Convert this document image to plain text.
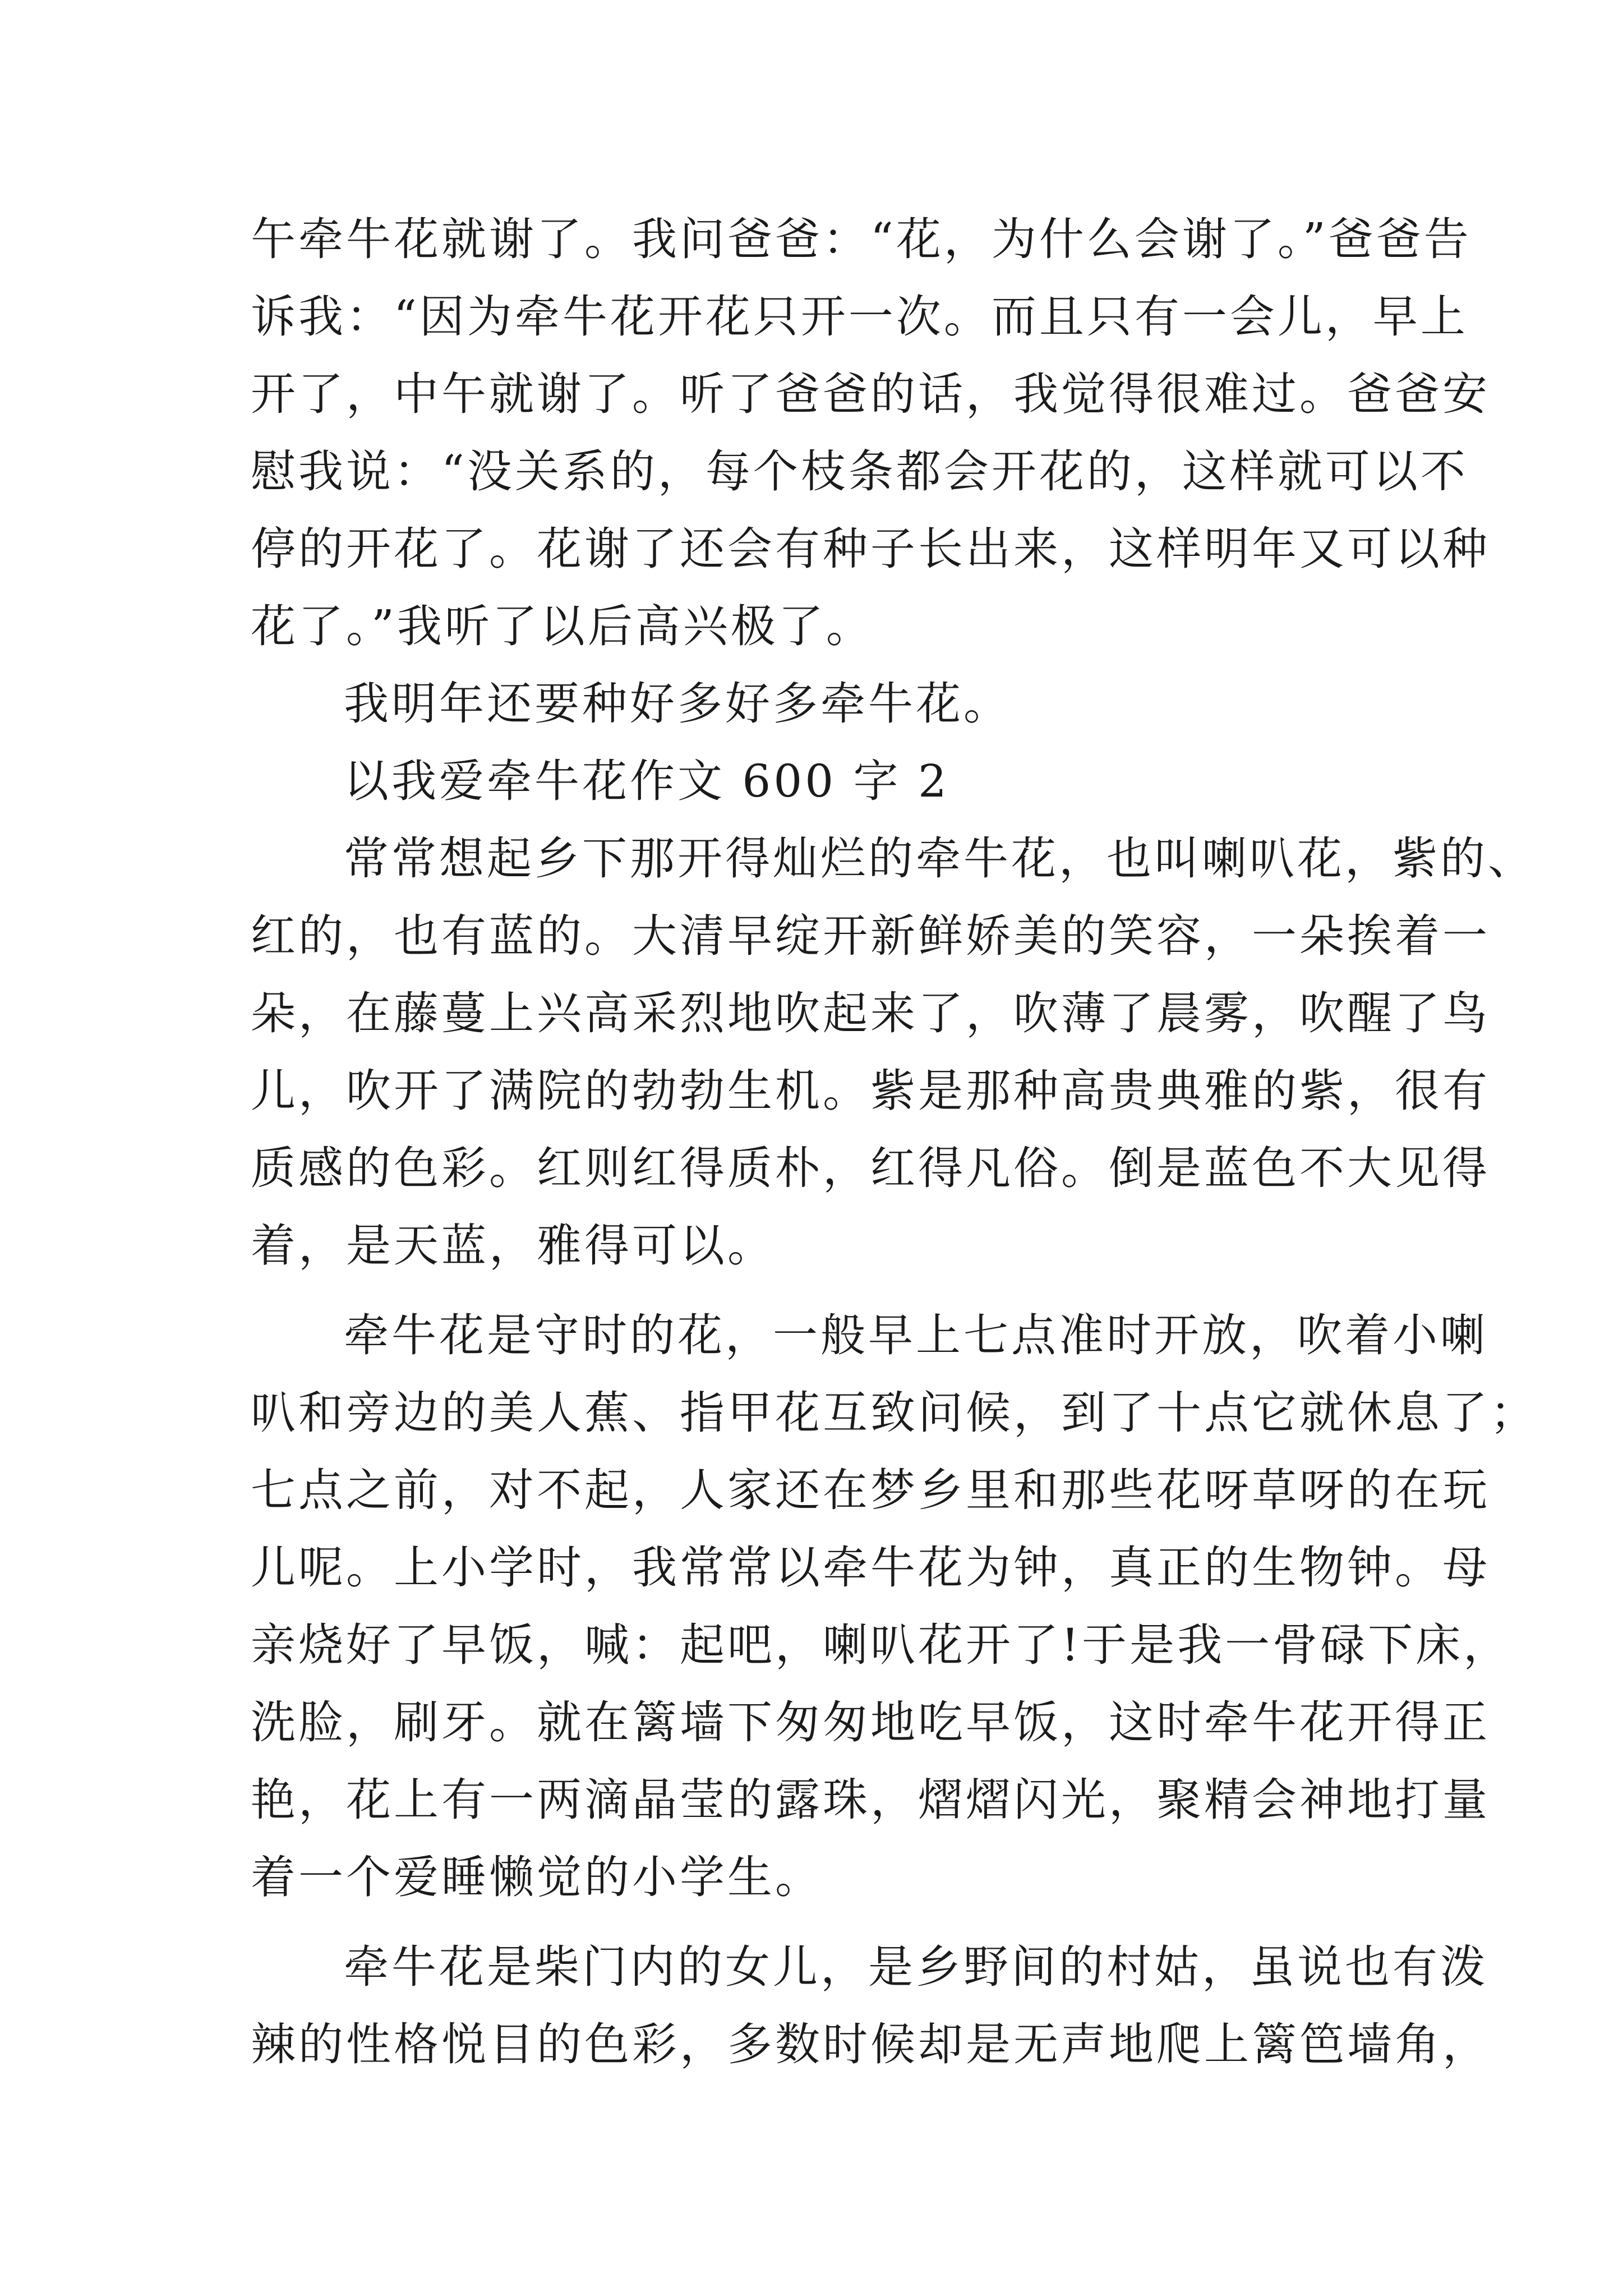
午牵牛花就谢了。我问爸爸：“花，为什么会谢了。”爸爸告
诉我：“因为牵牛花开花只开一次。而且只有一会儿，早上
开了，中午就谢了。听了爸爸的话，我觉得很难过。爸爸安
慰我说：“没关系的，每个枝条都会开花的，这样就可以不
停的开花了。花谢了还会有种子长出来，这样明年又可以种
花了。”我听了以后高兴极了。
我明年还要种好多好多牵牛花。
以我爱牵牛花作文 600 字 2
常常想起乡下那开得灿烂的牵牛花，也叫喇叭花，紫的、
红的，也有蓝的。大清早绽开新鲜娇美的笑容，一朵挨着一
朵，在藤蔓上兴高采烈地吹起来了，吹薄了晨雾，吹醒了鸟
儿，吹开了满院的勃勃生机。紫是那种高贵典雅的紫，很有
质感的色彩。红则红得质朴，红得凡俗。倒是蓝色不大见得
着，是天蓝，雅得可以。
牵牛花是守时的花，一般早上七点准时开放，吹着小喇
叭和旁边的美人蕉、指甲花互致问候，到了十点它就休息了；
七点之前，对不起，人家还在梦乡里和那些花呀草呀的在玩
儿呢。上小学时，我常常以牵牛花为钟，真正的生物钟。母
亲烧好了早饭，喊：起吧，喇叭花开了!于是我一骨碌下床，
洗脸，刷牙。就在篱墙下匆匆地吃早饭，这时牵牛花开得正
艳，花上有一两滴晶莹的露珠，熠熠闪光，聚精会神地打量
着一个爱睡懒觉的小学生。
牵牛花是柴门内的女儿，是乡野间的村姑，虽说也有泼
辣的性格悦目的色彩，多数时候却是无声地爬上篱笆墙角，
